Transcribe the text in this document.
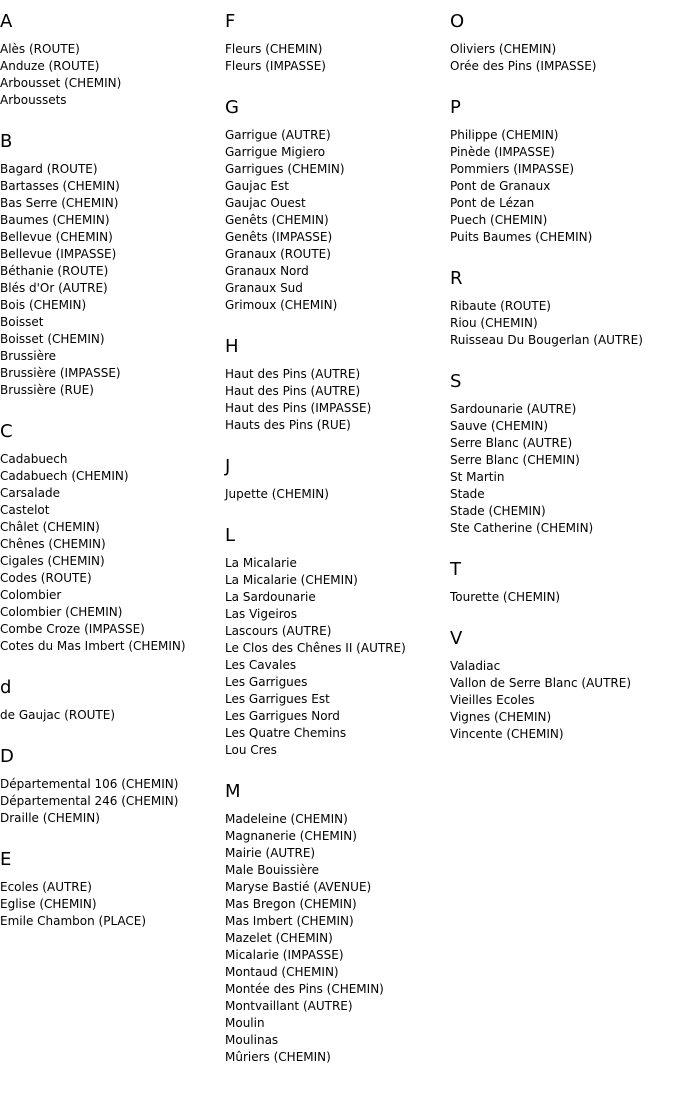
A
Alès (ROUTE)
Anduze (ROUTE)
Arbousset (CHEMIN)
Arboussets
B
Bagard (ROUTE)
Bartasses (CHEMIN)
Bas Serre (CHEMIN)
Baumes (CHEMIN)
Bellevue (CHEMIN)
Bellevue (IMPASSE)
Béthanie (ROUTE)
Blés d'Or (AUTRE)
Bois (CHEMIN)
Boisset
Boisset (CHEMIN)
Brussière
Brussière (IMPASSE)
Brussière (RUE)
C
Cadabuech
Cadabuech (CHEMIN)
Carsalade
Castelot
Châlet (CHEMIN)
Chênes (CHEMIN)
Cigales (CHEMIN)
Codes (ROUTE)
Colombier
Colombier (CHEMIN)
Combe Croze (IMPASSE)
Cotes du Mas Imbert (CHEMIN)
d
de Gaujac (ROUTE)
D
Départemental 106 (CHEMIN)
Départemental 246 (CHEMIN)
Draille (CHEMIN)
E
Ecoles (AUTRE)
Eglise (CHEMIN)
Emile Chambon (PLACE)
F
Fleurs (CHEMIN)
Fleurs (IMPASSE)
G
Garrigue (AUTRE)
Garrigue Migiero
Garrigues (CHEMIN)
Gaujac Est
Gaujac Ouest
Genêts (CHEMIN)
Genêts (IMPASSE)
Granaux (ROUTE)
Granaux Nord
Granaux Sud
Grimoux (CHEMIN)
H
Haut des Pins (AUTRE)
Haut des Pins (AUTRE)
Haut des Pins (IMPASSE)
Hauts des Pins (RUE)
J
Jupette (CHEMIN)
L
La Micalarie
La Micalarie (CHEMIN)
La Sardounarie
Las Vigeiros
Lascours (AUTRE)
Le Clos des Chênes II (AUTRE)
Les Cavales
Les Garrigues
Les Garrigues Est
Les Garrigues Nord
Les Quatre Chemins
Lou Cres
M
Madeleine (CHEMIN)
Magnanerie (CHEMIN)
Mairie (AUTRE)
Male Bouissière
Maryse Bastié (AVENUE)
Mas Bregon (CHEMIN)
Mas Imbert (CHEMIN)
Mazelet (CHEMIN)
Micalarie (IMPASSE)
Montaud (CHEMIN)
Montée des Pins (CHEMIN)
Montvaillant (AUTRE)
Moulin
Moulinas
Mûriers (CHEMIN)
O
Oliviers (CHEMIN)
Orée des Pins (IMPASSE)
P
Philippe (CHEMIN)
Pinède (IMPASSE)
Pommiers (IMPASSE)
Pont de Granaux
Pont de Lézan
Puech (CHEMIN)
Puits Baumes (CHEMIN)
R
Ribaute (ROUTE)
Riou (CHEMIN)
Ruisseau Du Bougerlan (AUTRE)
S
Sardounarie (AUTRE)
Sauve (CHEMIN)
Serre Blanc (AUTRE)
Serre Blanc (CHEMIN)
St Martin
Stade
Stade (CHEMIN)
Ste Catherine (CHEMIN)
T
Tourette (CHEMIN)
V
Valadiac
Vallon de Serre Blanc (AUTRE)
Vieilles Ecoles
Vignes (CHEMIN)
Vincente (CHEMIN)
